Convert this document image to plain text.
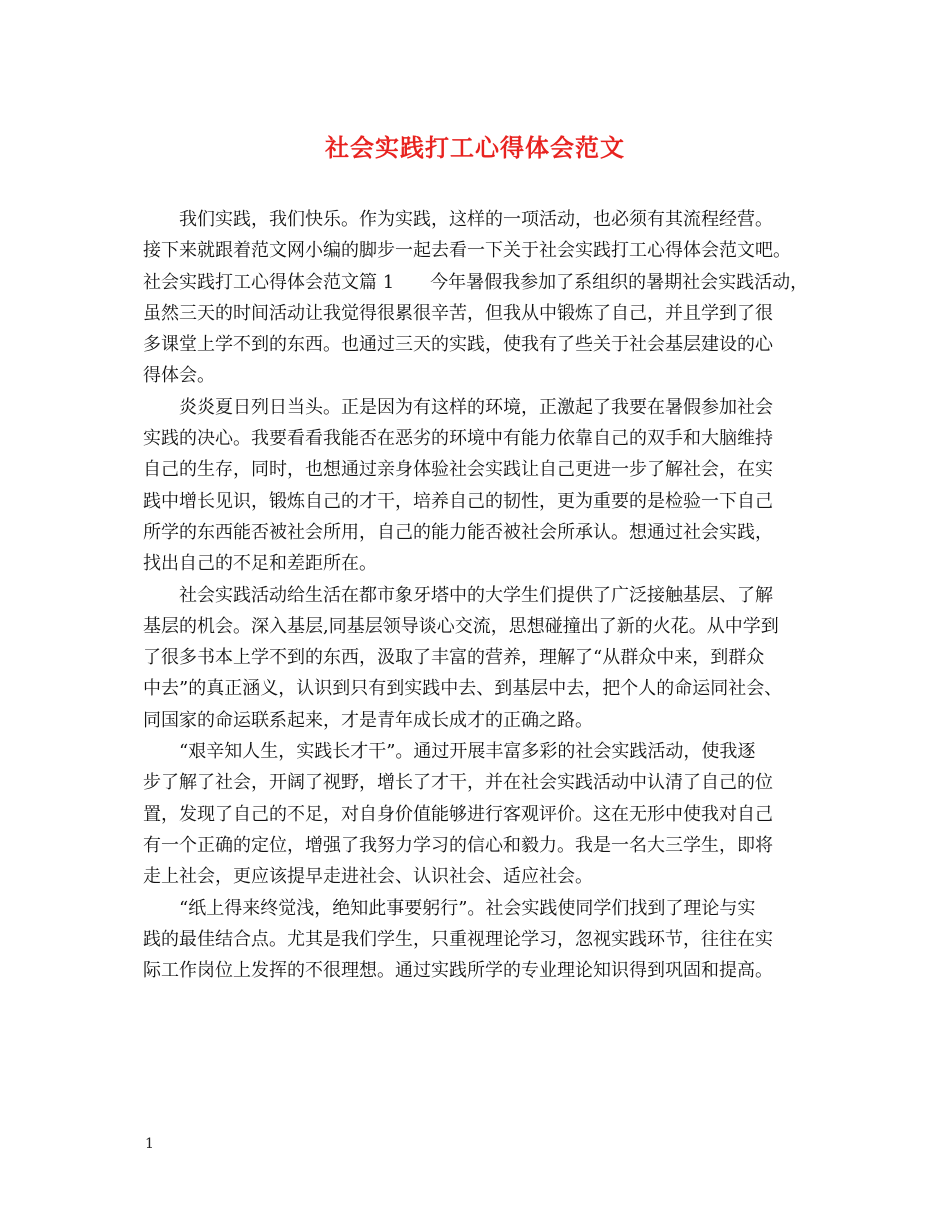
社会实践打工心得体会范文
我们实践，我们快乐。作为实践，这样的一项活动，也必须有其流程经营。
接下来就跟着范文网小编的脚步一起去看一下关于社会实践打工心得体会范文吧。
社会实践打工心得体会范文篇 1　　今年暑假我参加了系组织的暑期社会实践活动，
虽然三天的时间活动让我觉得很累很辛苦，但我从中锻炼了自己，并且学到了很
多课堂上学不到的东西。也通过三天的实践，使我有了些关于社会基层建设的心
得体会。
炎炎夏日列日当头。正是因为有这样的环境，正激起了我要在暑假参加社会
实践的决心。我要看看我能否在恶劣的环境中有能力依靠自己的双手和大脑维持
自己的生存，同时，也想通过亲身体验社会实践让自己更进一步了解社会，在实
践中增长见识，锻炼自己的才干，培养自己的韧性，更为重要的是检验一下自己
所学的东西能否被社会所用，自己的能力能否被社会所承认。想通过社会实践，
找出自己的不足和差距所在。
社会实践活动给生活在都市象牙塔中的大学生们提供了广泛接触基层、了解
基层的机会。深入基层,同基层领导谈心交流，思想碰撞出了新的火花。从中学到
了很多书本上学不到的东西，汲取了丰富的营养，理解了“从群众中来，到群众
中去”的真正涵义，认识到只有到实践中去、到基层中去，把个人的命运同社会、
同国家的命运联系起来，才是青年成长成才的正确之路。
“艰辛知人生，实践长才干”。通过开展丰富多彩的社会实践活动，使我逐
步了解了社会，开阔了视野，增长了才干，并在社会实践活动中认清了自己的位
置，发现了自己的不足，对自身价值能够进行客观评价。这在无形中使我对自己
有一个正确的定位，增强了我努力学习的信心和毅力。我是一名大三学生，即将
走上社会，更应该提早走进社会、认识社会、适应社会。
“纸上得来终觉浅，绝知此事要躬行”。社会实践使同学们找到了理论与实
践的最佳结合点。尤其是我们学生，只重视理论学习，忽视实践环节，往往在实
际工作岗位上发挥的不很理想。通过实践所学的专业理论知识得到巩固和提高。
1
